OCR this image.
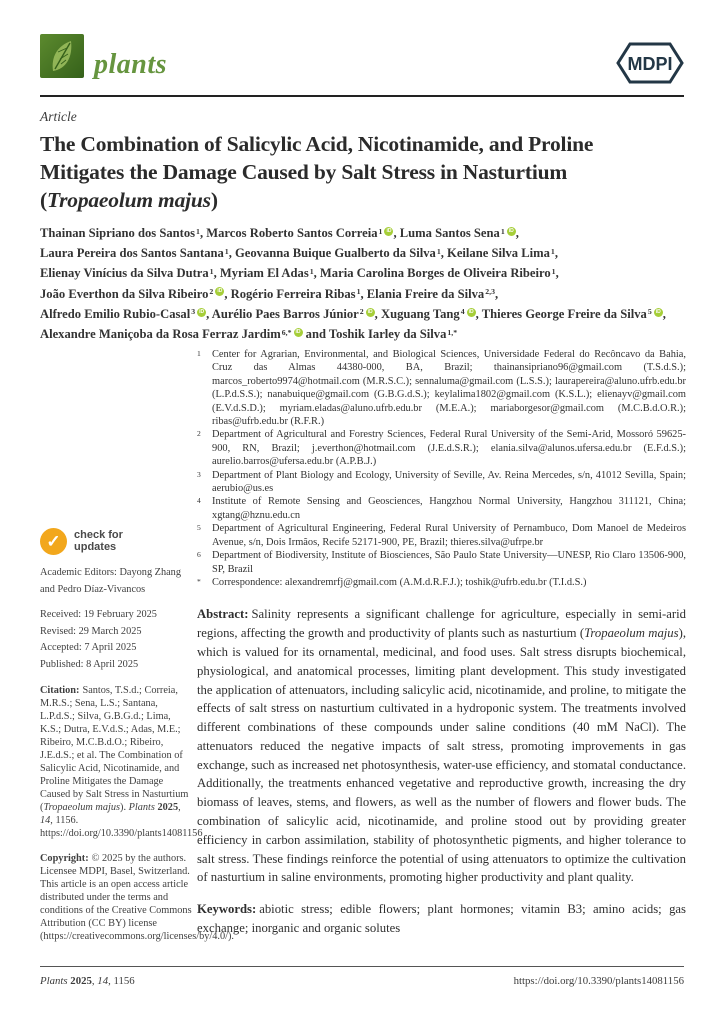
plants	MDPI
Article
The Combination of Salicylic Acid, Nicotinamide, and Proline
Mitigates the Damage Caused by Salt Stress in Nasturtium
(Tropaeolum majus)
Thainan Sipriano dos Santos$^1$, Marcos Roberto Santos Correia$^1$ iD , Luma Santos Sena$^1$ iD ,
Laura Pereira dos Santos Santana$^1$, Geovanna Buique Gualberto da Silva$^1$, Keilane Silva Lima$^1$,
Elienay Vinícius da Silva Dutra$^1$, Myriam El Adas$^1$, Maria Carolina Borges de Oliveira Ribeiro$^1$,
João Everthon da Silva Ribeiro$^2$ iD , Rogério Ferreira Ribas$^1$, Elania Freire da Silva$^{2,3}$,
Alfredo Emilio Rubio-Casal$^3$ iD , Aurélio Paes Barros Júnior$^2$ iD , Xuguang Tang$^4$ iD , Thieres George Freire da Silva$^5$ iD ,
Alexandre Maniçoba da Rosa Ferraz Jardim$^{6,*}$ iD and Toshik Iarley da Silva$^{1,*}$
✓	check for
updates
Academic Editors: Dayong Zhang and Pedro Díaz-Vivancos
Received: 19 February 2025
Revised: 29 March 2025
Accepted: 7 April 2025
Published: 8 April 2025
Citation: Santos, T.S.d.; Correia, M.R.S.; Sena, L.S.; Santana, L.P.d.S.; Silva, G.B.G.d.; Lima, K.S.; Dutra, E.V.d.S.; Adas, M.E.; Ribeiro, M.C.B.d.O.; Ribeiro, J.E.d.S.; et al. The Combination of Salicylic Acid, Nicotinamide, and Proline Mitigates the Damage Caused by Salt Stress in Nasturtium (Tropaeolum majus). Plants 2025, 14, 1156. https://doi.org/10.3390/plants14081156
Copyright: © 2025 by the authors. Licensee MDPI, Basel, Switzerland. This article is an open access article distributed under the terms and conditions of the Creative Commons Attribution (CC BY) license (https://creativecommons.org/licenses/by/4.0/).
1	Center for Agrarian, Environmental, and Biological Sciences, Universidade Federal do Recôncavo da Bahia, Cruz das Almas 44380-000, BA, Brazil; thainansipriano96@gmail.com (T.S.d.S.); marcos_roberto9974@hotmail.com (M.R.S.C.); sennaluma@gmail.com (L.S.S.); laurapereira@aluno.ufrb.edu.br (L.P.d.S.S.); nanabuique@gmail.com (G.B.G.d.S.); keylalima1802@gmail.com (K.S.L.); elienayv@gmail.com (E.V.d.S.D.); myriam.eladas@aluno.ufrb.edu.br (M.E.A.); mariaborgesor@gmail.com (M.C.B.d.O.R.); ribas@ufrb.edu.br (R.F.R.)
2	Department of Agricultural and Forestry Sciences, Federal Rural University of the Semi-Arid, Mossoró 59625-900, RN, Brazil; j.everthon@hotmail.com (J.E.d.S.R.); elania.silva@alunos.ufersa.edu.br (E.F.d.S.); aurelio.barros@ufersa.edu.br (A.P.B.J.)
3	Department of Plant Biology and Ecology, University of Seville, Av. Reina Mercedes, s/n, 41012 Sevilla, Spain; aerubio@us.es
4	Institute of Remote Sensing and Geosciences, Hangzhou Normal University, Hangzhou 311121, China; xgtang@hznu.edu.cn
5	Department of Agricultural Engineering, Federal Rural University of Pernambuco, Dom Manoel de Medeiros Avenue, s/n, Dois Irmãos, Recife 52171-900, PE, Brazil; thieres.silva@ufrpe.br
6	Department of Biodiversity, Institute of Biosciences, São Paulo State University—UNESP, Rio Claro 13506-900, SP, Brazil
*	Correspondence: alexandremrfj@gmail.com (A.M.d.R.F.J.); toshik@ufrb.edu.br (T.I.d.S.)

Abstract: Salinity represents a significant challenge for agriculture, especially in semi-arid regions, affecting the growth and productivity of plants such as nasturtium (Tropaeolum majus), which is valued for its ornamental, medicinal, and food uses. Salt stress disrupts biochemical, physiological, and anatomical processes, limiting plant development. This study investigated the application of attenuators, including salicylic acid, nicotinamide, and proline, to mitigate the effects of salt stress on nasturtium cultivated in a hydroponic system. The treatments involved different combinations of these compounds under saline conditions (40 mM NaCl). The attenuators reduced the negative impacts of salt stress, promoting improvements in gas exchange, such as increased net photosynthesis, water-use efficiency, and stomatal conductance. Additionally, the treatments enhanced vegetative and reproductive growth, increasing the dry biomass of leaves, stems, and flowers, as well as the number of flowers and flower buds. The combination of salicylic acid, nicotinamide, and proline stood out by providing greater efficiency in carbon assimilation, stability of photosynthetic pigments, and higher tolerance to salt stress. These findings reinforce the potential of using attenuators to optimize the cultivation of nasturtium in saline environments, promoting higher productivity and plant quality.

Keywords: abiotic stress; edible flowers; plant hormones; vitamin B3; amino acids; gas exchange; inorganic and organic solutes

Plants 2025, 14, 1156	https://doi.org/10.3390/plants14081156
